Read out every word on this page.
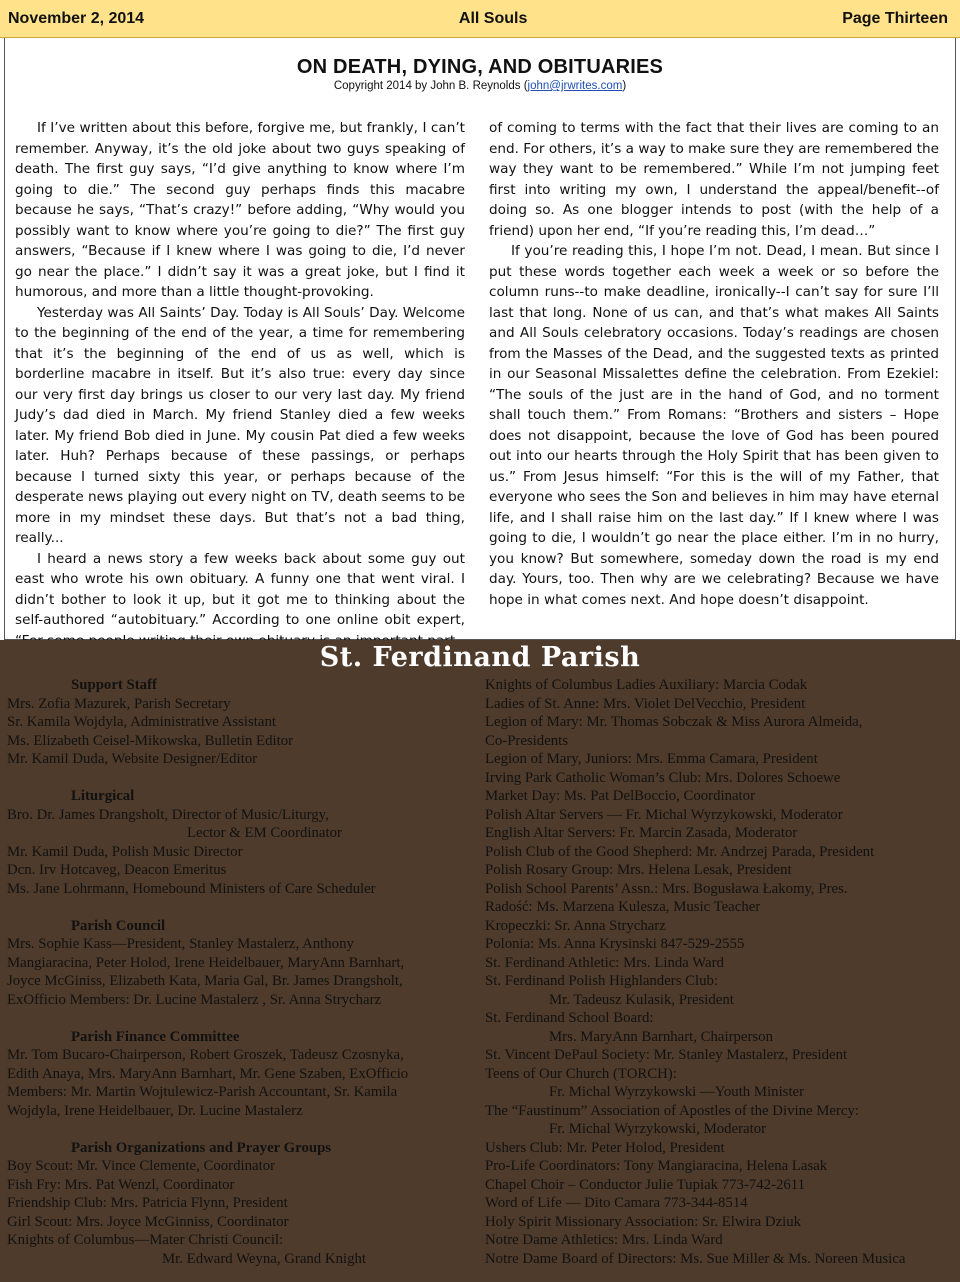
November 2, 2014	All Souls	Page Thirteen
ON DEATH, DYING, AND OBITUARIES
Copyright 2014 by John B. Reynolds (john@jrwrites.com)

If I’ve written about this before, forgive me, but frankly, I can’t remember. Anyway, it’s the old joke about two guys speaking of death. The first guy says, “I’d give anything to know where I’m going to die.” The second guy perhaps finds this macabre because he says, “That’s crazy!” before adding, “Why would you possibly want to know where you’re going to die?” The first guy answers, “Because if I knew where I was going to die, I’d never go near the place.” I didn’t say it was a great joke, but I find it humorous, and more than a little thought-provoking.

Yesterday was All Saints’ Day. Today is All Souls’ Day. Welcome to the beginning of the end of the year, a time for remembering that it’s the beginning of the end of us as well, which is borderline macabre in itself. But it’s also true: every day since our very first day brings us closer to our very last day. My friend Judy’s dad died in March. My friend Stanley died a few weeks later. My friend Bob died in June. My cousin Pat died a few weeks later. Huh? Perhaps because of these passings, or perhaps because I turned sixty this year, or perhaps because of the desperate news playing out every night on TV, death seems to be more in my mindset these days. But that’s not a bad thing, really...

I heard a news story a few weeks back about some guy out east who wrote his own obituary. A funny one that went viral. I didn’t bother to look it up, but it got me to thinking about the self-authored “autobituary.” According to one online obit expert,

of coming to terms with the fact that their lives are coming to an end. For others, it’s a way to make sure they are remembered the way they want to be remembered.” While I’m not jumping feet first into writing my own, I understand the appeal/benefit--of doing so. As one blogger intends to post (with the help of a friend) upon her end, “If you’re reading this, I’m dead…”

If you’re reading this, I hope I’m not. Dead, I mean. But since I put these words together each week a week or so before the column runs--to make deadline, ironically--I can’t say for sure I’ll last that long. None of us can, and that’s what makes All Saints and All Souls celebratory occasions. Today’s readings are chosen from the Masses of the Dead, and the suggested texts as printed in our Seasonal Missalettes define the celebration. From Ezekiel: “The souls of the just are in the hand of God, and no torment shall touch them.” From Romans: “Brothers and sisters – Hope does not disappoint, because the love of God has been poured out into our hearts through the Holy Spirit that has been given to us.” From Jesus himself: “For this is the will of my Father, that everyone who sees the Son and believes in him may have eternal life, and I shall raise him on the last day.” If I knew where I was going to die, I wouldn’t go near the place either. I’m in no hurry, you know? But somewhere, someday down the road is my end day. Yours, too. Then why are we celebrating? Because we have hope in what comes next. And hope doesn’t disappoint.

St. Ferdinand Parish
Support Staff
Mrs. Zofia Mazurek, Parish Secretary
Sr. Kamila Wojdyla, Administrative Assistant
Ms. Elizabeth Ceisel-Mikowska, Bulletin Editor
Mr. Kamil Duda, Website Designer/Editor
Liturgical
Bro. Dr. James Drangsholt, Director of Music/Liturgy,
Lector & EM Coordinator
Mr. Kamil Duda, Polish Music Director
Dcn. Irv Hotcaveg, Deacon Emeritus
Ms. Jane Lohrmann, Homebound Ministers of Care Scheduler
Parish Council
Mrs. Sophie Kass—President, Stanley Mastalerz, Anthony
Mangiaracina, Peter Holod, Irene Heidelbauer, MaryAnn Barnhart,
Joyce McGiniss, Elizabeth Kata, Maria Gal, Br. James Drangsholt,
ExOfficio Members: Dr. Lucine Mastalerz , Sr. Anna Strycharz
Parish Finance Committee
Mr. Tom Bucaro-Chairperson, Robert Groszek, Tadeusz Czosnyka,
Edith Anaya, Mrs. MaryAnn Barnhart, Mr. Gene Szaben, ExOfficio
Members: Mr. Martin Wojtulewicz-Parish Accountant, Sr. Kamila
Wojdyla, Irene Heidelbauer, Dr. Lucine Mastalerz
Parish Organizations and Prayer Groups
Boy Scout: Mr. Vince Clemente, Coordinator
Fish Fry: Mrs. Pat Wenzl, Coordinator
Friendship Club: Mrs. Patricia Flynn, President
Girl Scout: Mrs. Joyce McGinniss, Coordinator
Knights of Columbus—Mater Christi Council:
Mr. Edward Weyna, Grand Knight
Knights of Columbus Ladies Auxiliary: Marcia Codak
Ladies of St. Anne: Mrs. Violet DelVecchio, President
Legion of Mary: Mr. Thomas Sobczak & Miss Aurora Almeida,
Co-Presidents
Legion of Mary, Juniors: Mrs. Emma Camara, President
Irving Park Catholic Woman’s Club: Mrs. Dolores Schoewe
Market Day: Ms. Pat DelBoccio, Coordinator
Polish Altar Servers — Fr. Michal Wyrzykowski, Moderator
English Altar Servers: Fr. Marcin Zasada, Moderator
Polish Club of the Good Shepherd: Mr. Andrzej Parada, President
Polish Rosary Group: Mrs. Helena Lesak, President
Polish School Parents’ Assn.: Mrs. Bogusława Łakomy, Pres.
Radość: Ms. Marzena Kulesza, Music Teacher
Kropeczki: Sr. Anna Strycharz
Polonia: Ms. Anna Krysinski 847-529-2555
St. Ferdinand Athletic: Mrs. Linda Ward
St. Ferdinand Polish Highlanders Club:
Mr. Tadeusz Kulasik, President
St. Ferdinand School Board:
Mrs. MaryAnn Barnhart, Chairperson
St. Vincent DePaul Society: Mr. Stanley Mastalerz, President
Teens of Our Church (TORCH):
Fr. Michal Wyrzykowski —Youth Minister
The “Faustinum” Association of Apostles of the Divine Mercy:
Fr. Michal Wyrzykowski, Moderator
Ushers Club: Mr. Peter Holod, President
Pro-Life Coordinators: Tony Mangiaracina, Helena Lasak
Chapel Choir – Conductor Julie Tupiak 773-742-2611
Word of Life — Dito Camara 773-344-8514
Holy Spirit Missionary Association: Sr. Elwira Dziuk
Notre Dame Athletics: Mrs. Linda Ward
Notre Dame Board of Directors: Ms. Sue Miller & Ms. Noreen Musica
